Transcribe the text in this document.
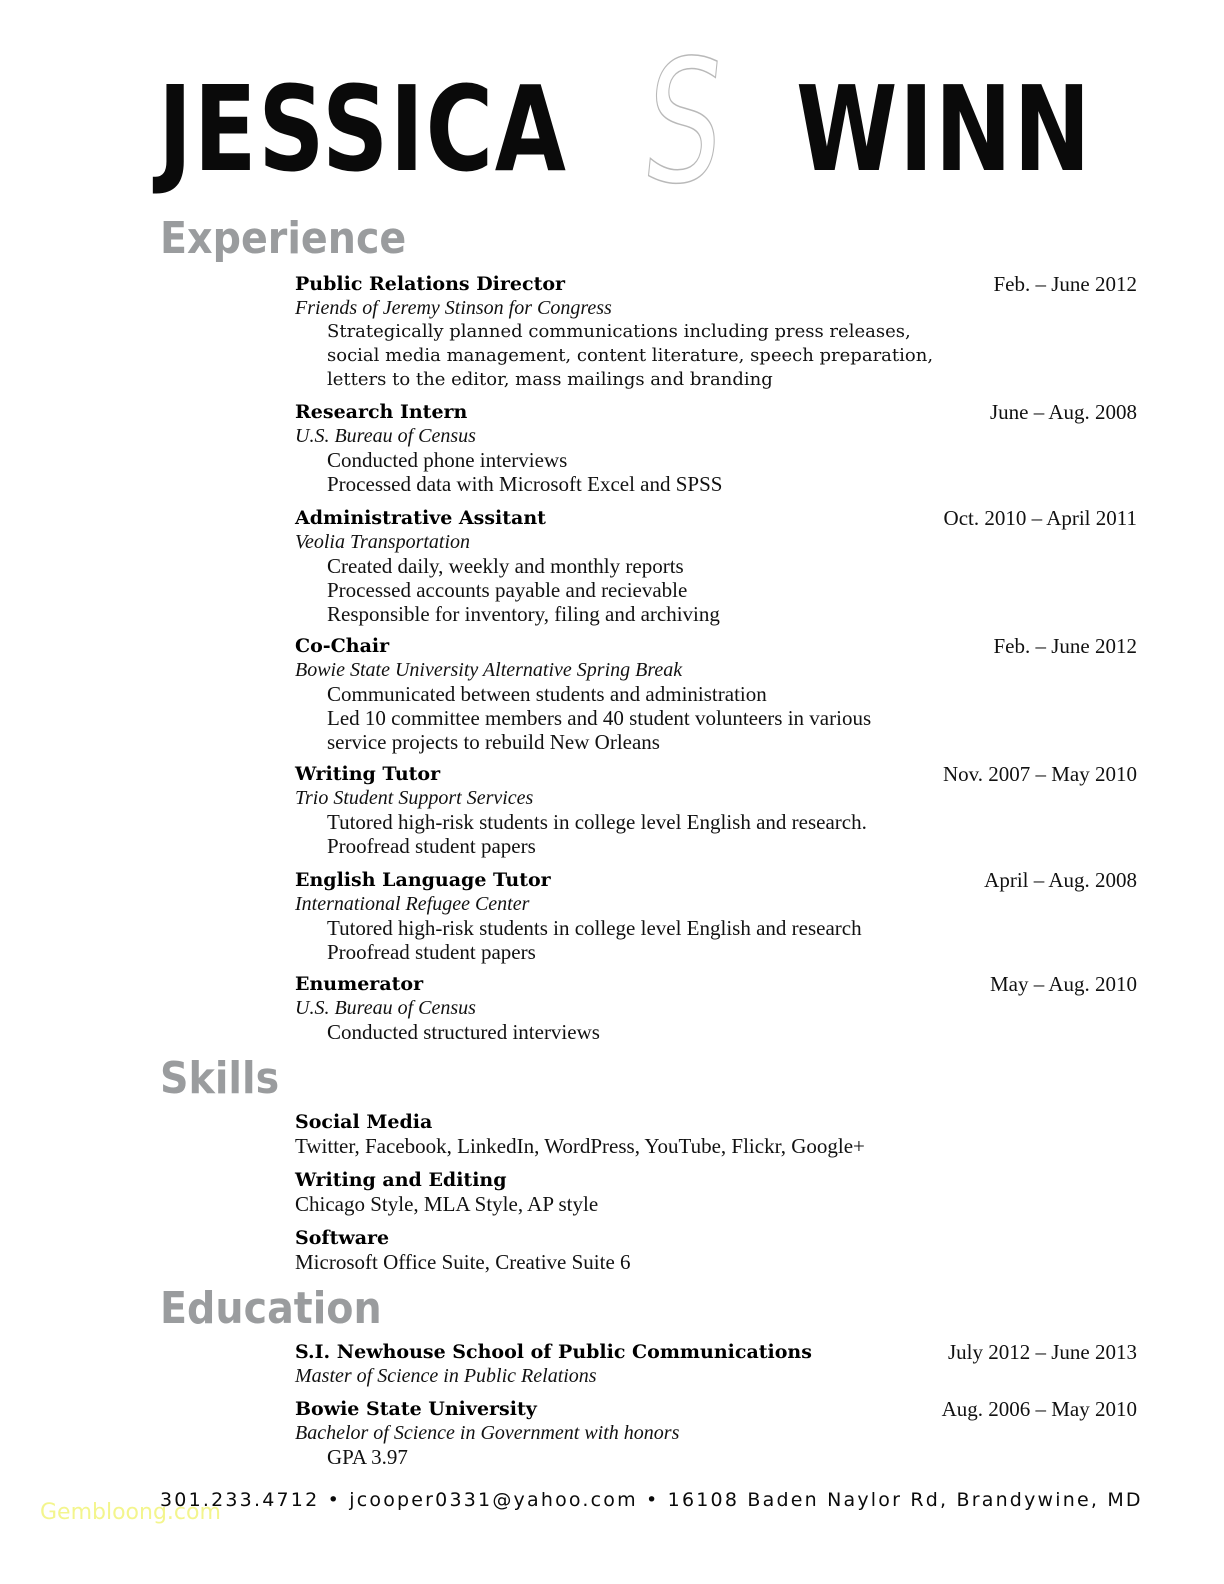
S
JESSICA WINN
Experience
Public Relations Director	Feb. – June 2012
Friends of Jeremy Stinson for Congress
Strategically planned communications including press releases,
social media management, content literature, speech preparation,
letters to the editor, mass mailings and branding
Research Intern	June – Aug. 2008
U.S. Bureau of Census
Conducted phone interviews
Processed data with Microsoft Excel and SPSS
Administrative Assitant	Oct. 2010 – April 2011
Veolia Transportation
Created daily, weekly and monthly reports
Processed accounts payable and recievable
Responsible for inventory, filing and archiving
Co-Chair	Feb. – June 2012
Bowie State University Alternative Spring Break
Communicated between students and administration
Led 10 committee members and 40 student volunteers in various
service projects to rebuild New Orleans
Writing Tutor	Nov. 2007 – May 2010
Trio Student Support Services
Tutored high-risk students in college level English and research.
Proofread student papers
English Language Tutor	April – Aug. 2008
International Refugee Center
Tutored high-risk students in college level English and research
Proofread student papers
Enumerator	May – Aug. 2010
U.S. Bureau of Census
Conducted structured interviews
Skills
Social Media
Twitter, Facebook, LinkedIn, WordPress, YouTube, Flickr, Google+
Writing and Editing
Chicago Style, MLA Style, AP style
Software
Microsoft Office Suite, Creative Suite 6
Education
S.I. Newhouse School of Public Communications	July 2012 – June 2013
Master of Science in Public Relations
Bowie State University	Aug. 2006 – May 2010
Bachelor of Science in Government with honors
GPA 3.97
Gembloong.com
301.233.4712 • jcooper0331@yahoo.com • 16108 Baden Naylor Rd, Brandywine, MD
